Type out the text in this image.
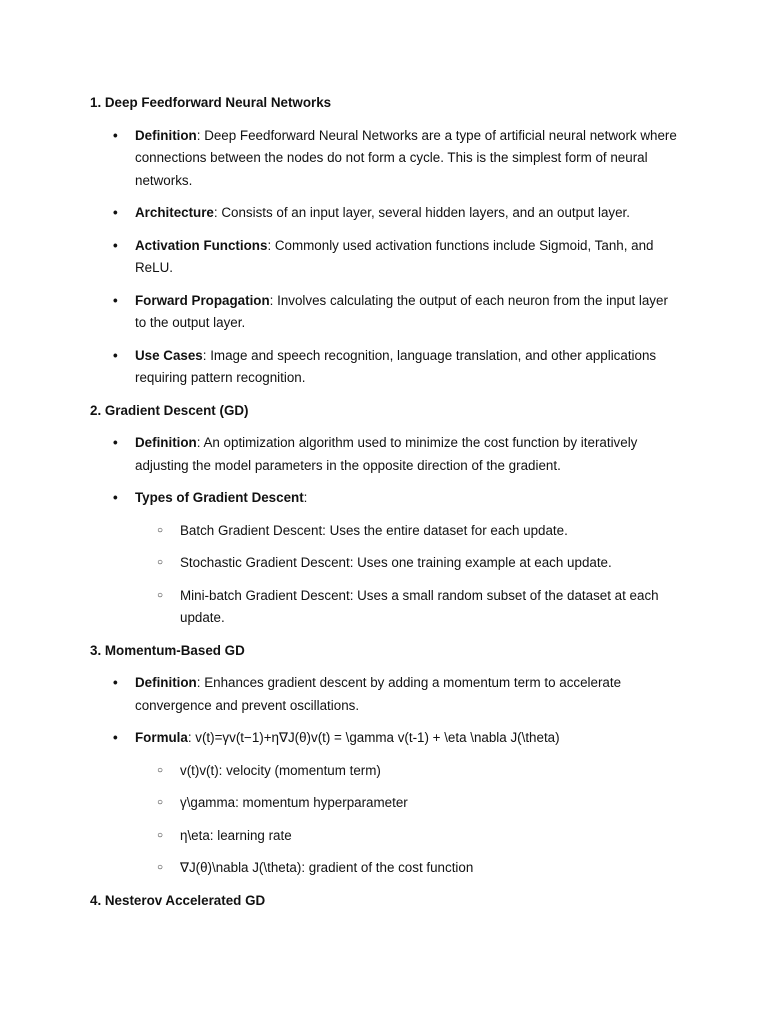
1. Deep Feedforward Neural Networks
• Definition: Deep Feedforward Neural Networks are a type of artificial neural network where connections between the nodes do not form a cycle. This is the simplest form of neural networks.
• Architecture: Consists of an input layer, several hidden layers, and an output layer.
• Activation Functions: Commonly used activation functions include Sigmoid, Tanh, and ReLU.
• Forward Propagation: Involves calculating the output of each neuron from the input layer to the output layer.
• Use Cases: Image and speech recognition, language translation, and other applications requiring pattern recognition.
2. Gradient Descent (GD)
• Definition: An optimization algorithm used to minimize the cost function by iteratively adjusting the model parameters in the opposite direction of the gradient.
• Types of Gradient Descent:
○ Batch Gradient Descent: Uses the entire dataset for each update.
○ Stochastic Gradient Descent: Uses one training example at each update.
○ Mini-batch Gradient Descent: Uses a small random subset of the dataset at each update.
3. Momentum-Based GD
• Definition: Enhances gradient descent by adding a momentum term to accelerate convergence and prevent oscillations.
• Formula: v(t)=γv(t−1)+η∇J(θ)v(t) = \gamma v(t-1) + \eta \nabla J(\theta)
○ v(t)v(t): velocity (momentum term)
○ γ\gamma: momentum hyperparameter
○ η\eta: learning rate
○ ∇J(θ)\nabla J(\theta): gradient of the cost function
4. Nesterov Accelerated GD
